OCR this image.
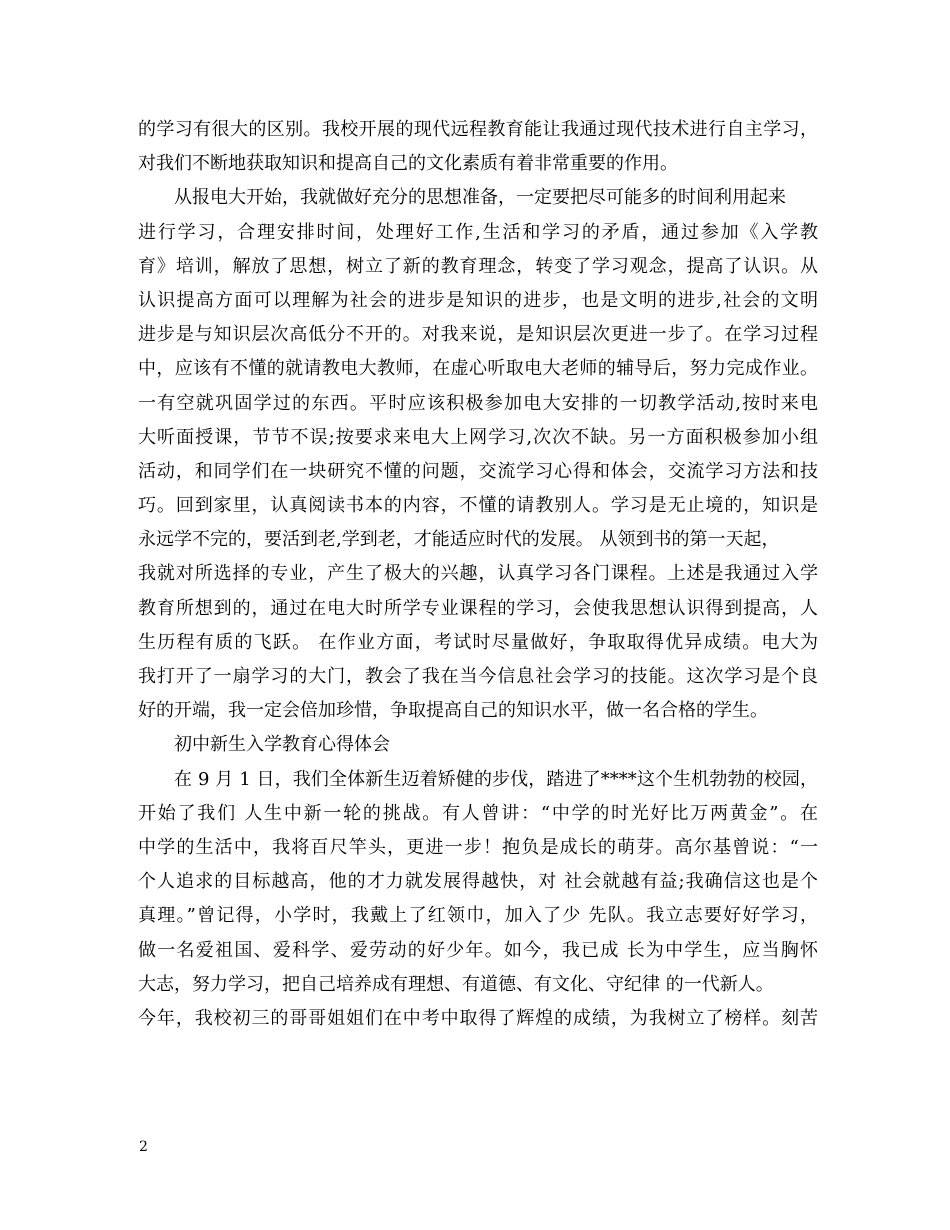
的学习有很大的区别。我校开展的现代远程教育能让我通过现代技术进行自主学习，
对我们不断地获取知识和提高自己的文化素质有着非常重要的作用。
从报电大开始，我就做好充分的思想准备，一定要把尽可能多的时间利用起来
进行学习，合理安排时间，处理好工作,生活和学习的矛盾，通过参加《入学教
育》培训，解放了思想，树立了新的教育理念，转变了学习观念，提高了认识。从
认识提高方面可以理解为社会的进步是知识的进步，也是文明的进步,社会的文明
进步是与知识层次高低分不开的。对我来说，是知识层次更进一步了。在学习过程
中，应该有不懂的就请教电大教师，在虚心听取电大老师的辅导后，努力完成作业。
一有空就巩固学过的东西。平时应该积极参加电大安排的一切教学活动,按时来电
大听面授课，节节不误;按要求来电大上网学习,次次不缺。另一方面积极参加小组
活动，和同学们在一块研究不懂的问题，交流学习心得和体会，交流学习方法和技
巧。回到家里，认真阅读书本的内容，不懂的请教别人。学习是无止境的，知识是
永远学不完的，要活到老,学到老，才能适应时代的发展。 从领到书的第一天起，
我就对所选择的专业，产生了极大的兴趣，认真学习各门课程。上述是我通过入学
教育所想到的，通过在电大时所学专业课程的学习，会使我思想认识得到提高，人
生历程有质的飞跃。 在作业方面，考试时尽量做好，争取取得优异成绩。电大为
我打开了一扇学习的大门，教会了我在当今信息社会学习的技能。这次学习是个良
好的开端，我一定会倍加珍惜，争取提高自己的知识水平，做一名合格的学生。
初中新生入学教育心得体会
在 9 月 1 日，我们全体新生迈着矫健的步伐，踏进了****这个生机勃勃的校园，
开始了我们 人生中新一轮的挑战。有人曾讲：“中学的时光好比万两黄金”。在
中学的生活中，我将百尺竿头，更进一步！抱负是成长的萌芽。高尔基曾说：“一
个人追求的目标越高，他的才力就发展得越快，对 社会就越有益;我确信这也是个
真理。”曾记得，小学时，我戴上了红领巾，加入了少 先队。我立志要好好学习，
做一名爱祖国、爱科学、爱劳动的好少年。如今，我已成 长为中学生，应当胸怀
大志，努力学习，把自己培养成有理想、有道德、有文化、守纪律 的一代新人。
今年，我校初三的哥哥姐姐们在中考中取得了辉煌的成绩，为我树立了榜样。刻苦
2
